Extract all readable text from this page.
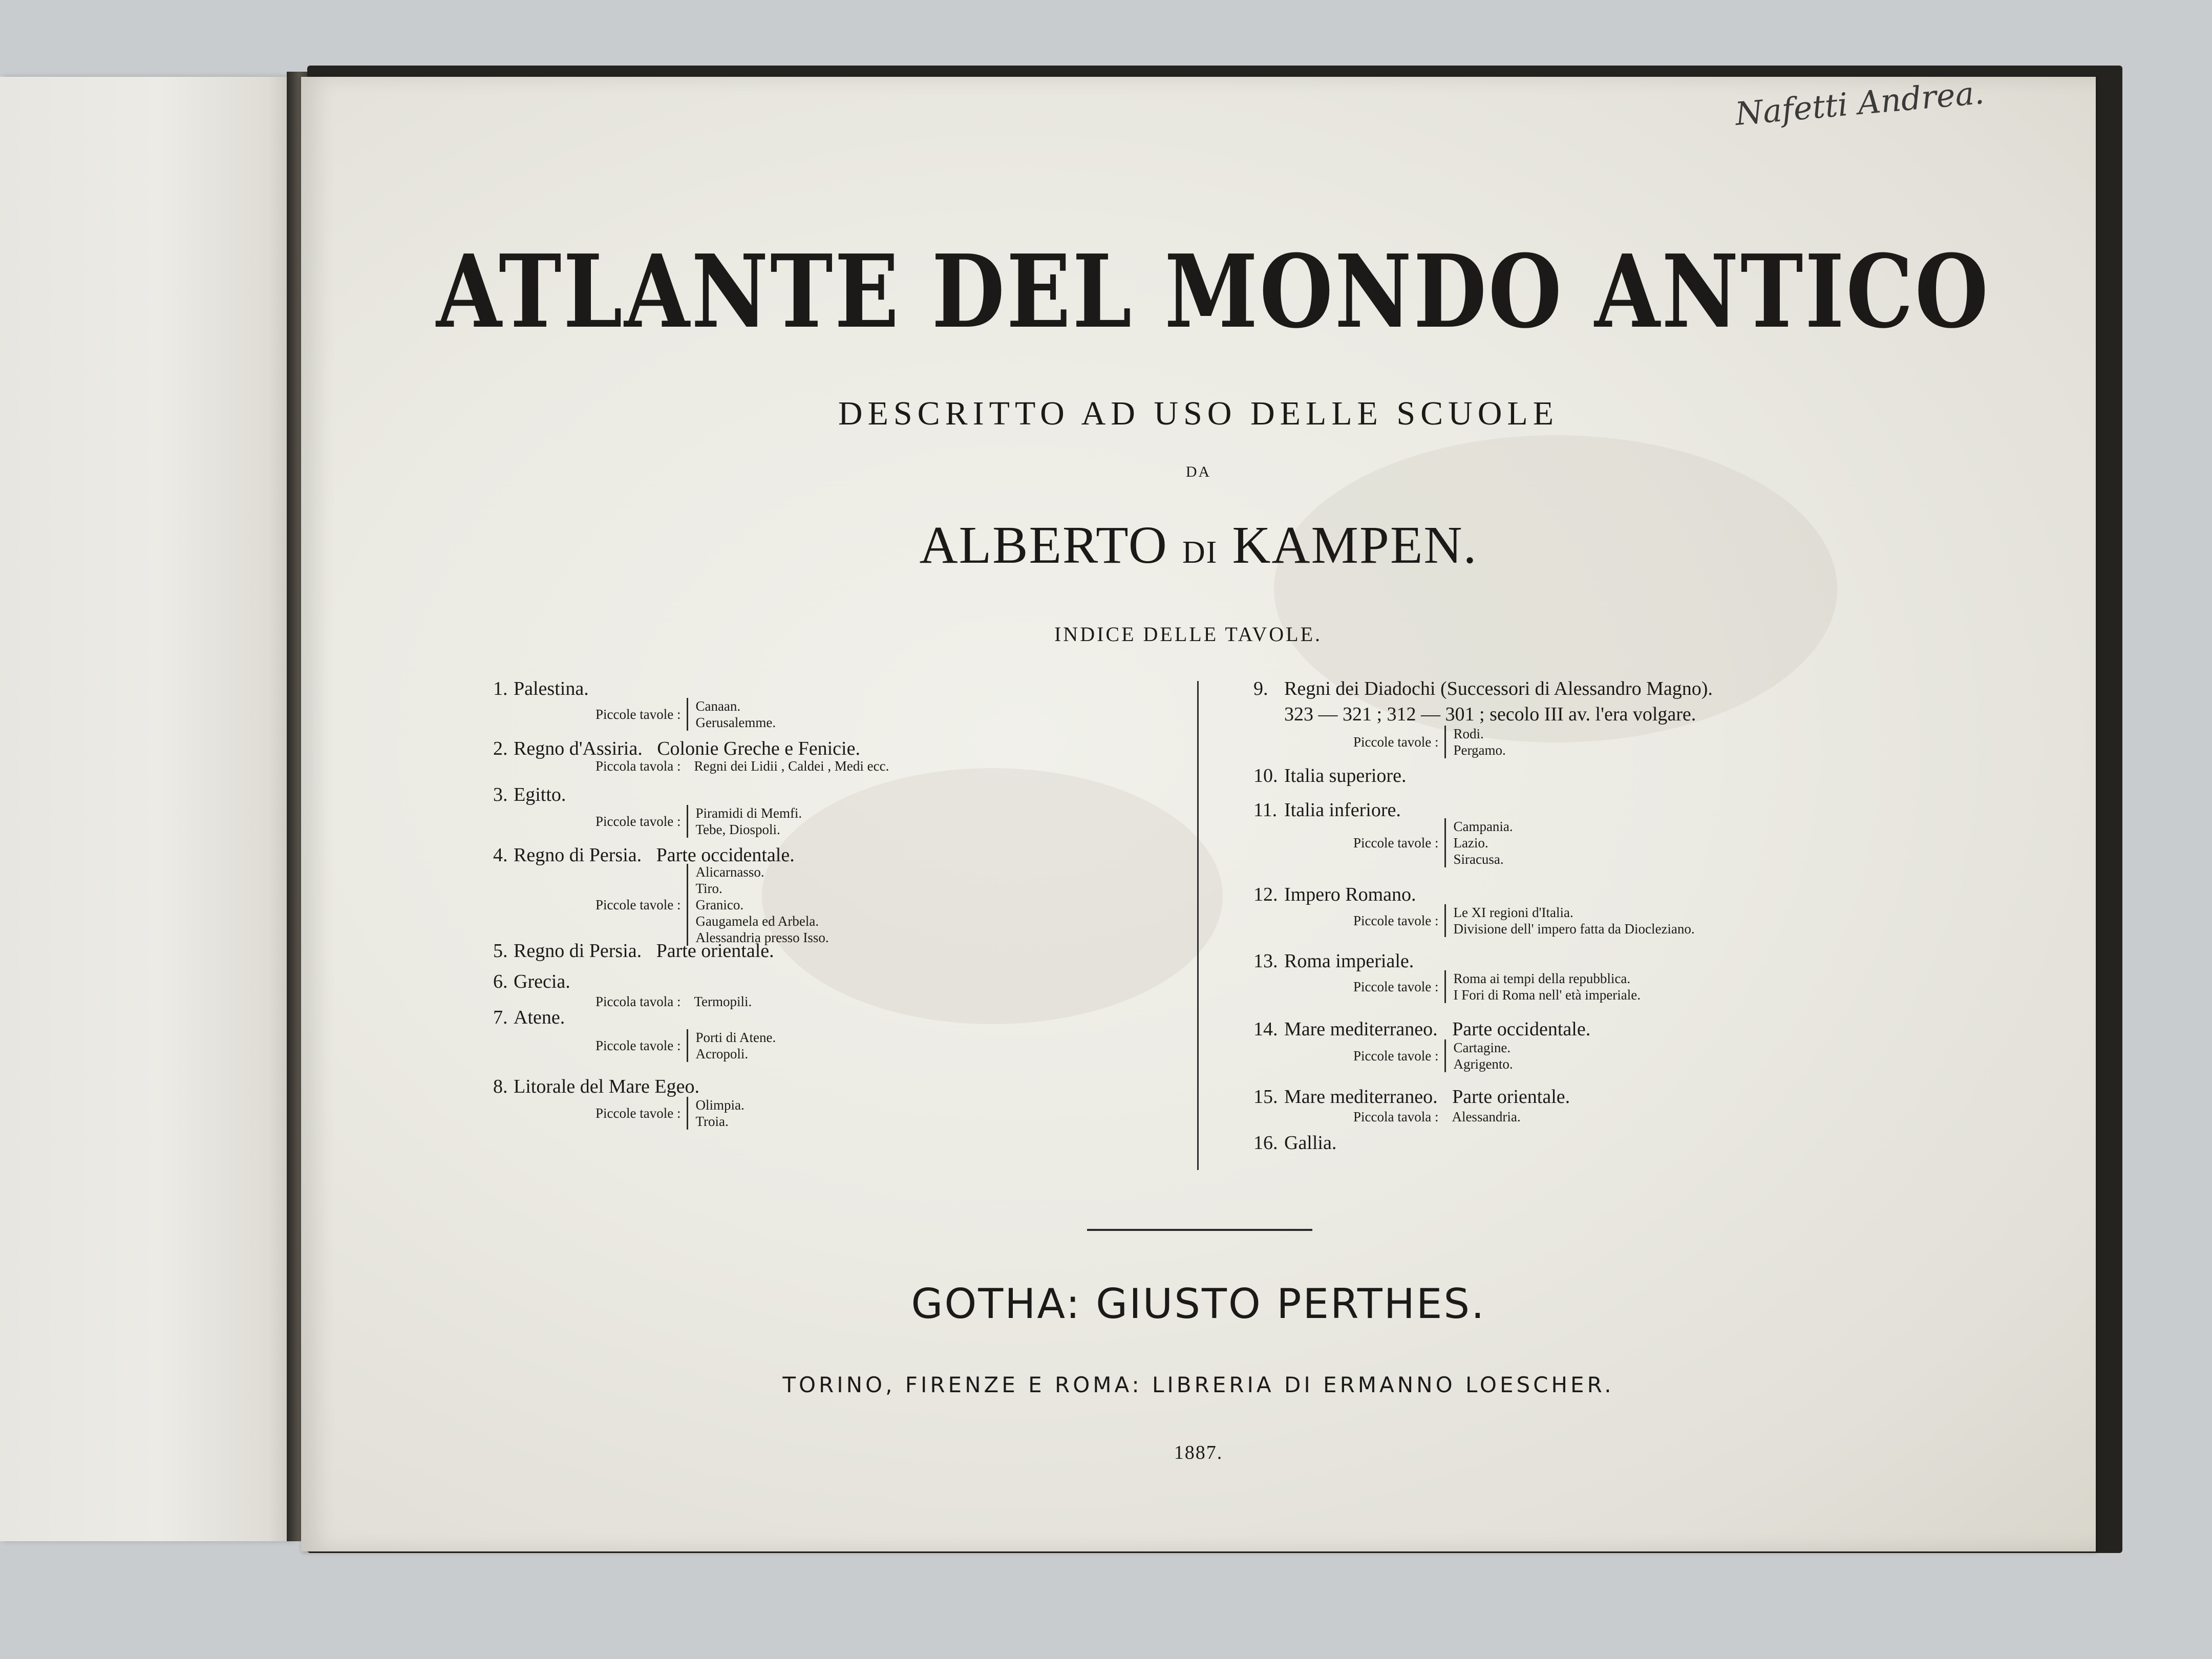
Nafetti Andrea.
ATLANTE DEL MONDO ANTICO
DESCRITTO AD USO DELLE SCUOLE
DA
ALBERTO DI KAMPEN.
INDICE DELLE TAVOLE.
1. Palestina.
Piccole tavole :
Canaan.
Gerusalemme.
2. Regno d'Assiria.   Colonie Greche e Fenicie.
Piccola tavola : Regni dei Lidii , Caldei , Medi ecc.
3. Egitto.
Piccole tavole :
Piramidi di Memfi.
Tebe, Diospoli.
4. Regno di Persia.   Parte occidentale.
Piccole tavole :
Alicarnasso.
Tiro.
Granico.
Gaugamela ed Arbela.
Alessandria presso Isso.
5. Regno di Persia.   Parte orientale.
6. Grecia.
Piccola tavola : Termopili.
7. Atene.
Piccole tavole :
Porti di Atene.
Acropoli.
8. Litorale del Mare Egeo.
Piccole tavole :
Olimpia.
Troia.
9. Regni dei Diadochi (Successori di Alessandro Magno).
323 — 321 ; 312 — 301 ; secolo III av. l'era volgare.
Piccole tavole :
Rodi.
Pergamo.
10. Italia superiore.
11. Italia inferiore.
Piccole tavole :
Campania.
Lazio.
Siracusa.
12. Impero Romano.
Piccole tavole :
Le XI regioni d'Italia.
Divisione dell' impero fatta da Diocleziano.
13. Roma imperiale.
Piccole tavole :
Roma ai tempi della repubblica.
I Fori di Roma nell' età imperiale.
14. Mare mediterraneo.   Parte occidentale.
Piccole tavole :
Cartagine.
Agrigento.
15. Mare mediterraneo.   Parte orientale.
Piccola tavola : Alessandria.
16. Gallia.
GOTHA: GIUSTO PERTHES.
TORINO, FIRENZE E ROMA: LIBRERIA DI ERMANNO LOESCHER.
1887.
